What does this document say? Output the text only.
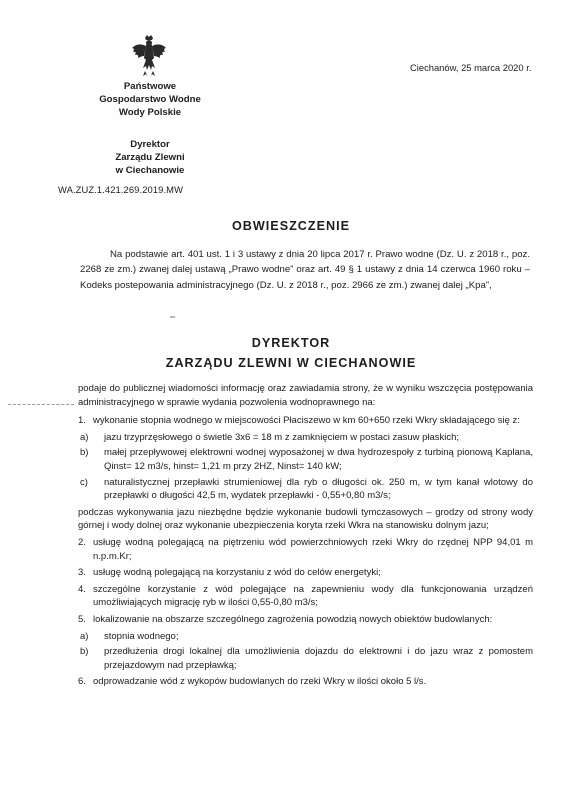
Państwowe
Gospodarstwo Wodne
Wody Polskie
Dyrektor
Zarządu Zlewni
w Ciechanowie
WA.ZUZ.1.421.269.2019.MW
Ciechanów, 25 marca 2020 r.
OBWIESZCZENIE

Na podstawie art. 401 ust. 1 i 3 ustawy z dnia 20 lipca 2017 r. Prawo wodne (Dz. U. z 2018 r., poz. 2268 ze zm.) zwanej dalej ustawą „Prawo wodne” oraz art. 49 § 1 ustawy z dnia 14 czerwca 1960 roku – Kodeks postepowania administracyjnego (Dz. U. z 2018 r., poz. 2966 ze zm.) zwanej dalej „Kpa”,

DYREKTOR
ZARZĄDU ZLEWNI W CIECHANOWIE

podaje do publicznej wiadomości informację oraz zawiadamia strony, że w wyniku wszczęcia postępowania administracyjnego w sprawie wydania pozwolenia wodnoprawnego na:

1. wykonanie stopnia wodnego w miejscowości Płaciszewo w km 60+650 rzeki Wkry składającego się z:
a) jazu trzyprzęsłowego o świetle 3x6 = 18 m z zamknięciem w postaci zasuw płaskich;
b) małej przepływowej elektrowni wodnej wyposażonej w dwa hydrozespoły z turbiną pionową Kaplana, Qinst= 12 m3/s, hinst= 1,21 m przy 2HZ, Ninst= 140 kW;
c) naturalistycznej przepławki strumieniowej dla ryb o długości ok. 250 m, w tym kanał wlotowy do przepławki o długości 42,5 m, wydatek przepławki - 0,55+0,80 m3/s;

podczas wykonywania jazu niezbędne będzie wykonanie budowli tymczasowych – grodzy od strony wody górnej i wody dolnej oraz wykonanie ubezpieczenia koryta rzeki Wkra na stanowisku dolnym jazu;

2. usługę wodną polegającą na piętrzeniu wód powierzchniowych rzeki Wkry do rzędnej NPP 94,01 m n.p.m.Kr;
3. usługę wodną polegającą na korzystaniu z wód do celów energetyki;
4. szczególne korzystanie z wód polegające na zapewnieniu wody dla funkcjonowania urządzeń umożliwiających migrację ryb w ilości 0,55-0,80 m3/s;
5. lokalizowanie na obszarze szczególnego zagrożenia powodzią nowych obiektów budowlanych:
a) stopnia wodnego;
b) przedłużenia drogi lokalnej dla umożliwienia dojazdu do elektrowni i do jazu wraz z pomostem przejazdowym nad przepławką;
6. odprowadzanie wód z wykopów budowlanych do rzeki Wkry w ilości około 5 l/s.
